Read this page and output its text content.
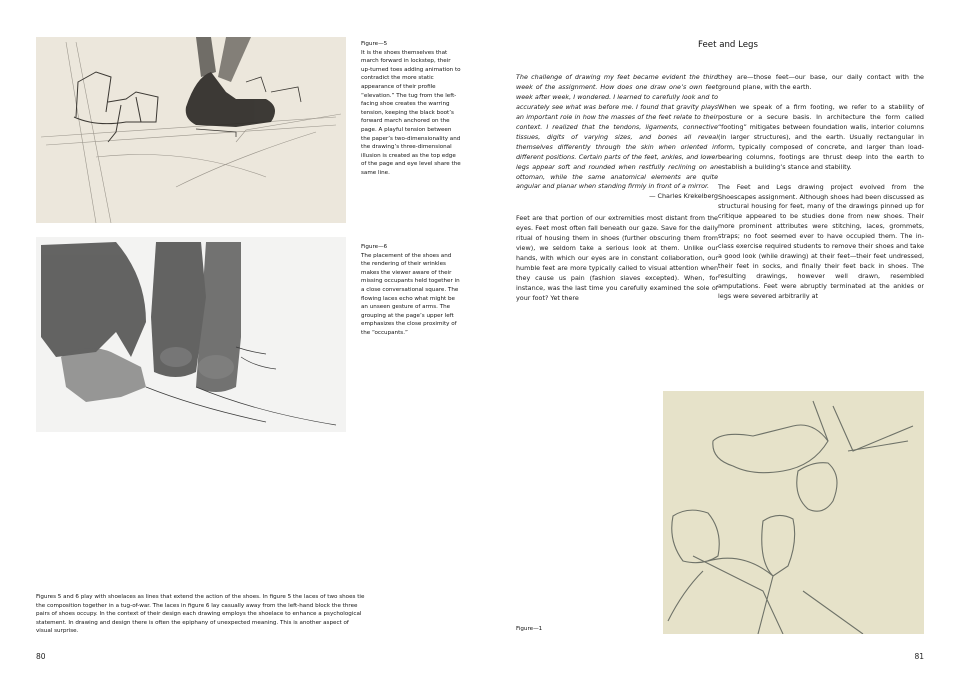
Figure—5
It is the shoes themselves that march forward in lockstep, their up-turned toes adding animation to contradict the more static appearance of their profile “elevation.” The tug from the left-facing shoe creates the warring tension, keeping the black boot’s forward march anchored on the page. A playful tension between the paper’s two-dimensionality and the drawing’s three-dimensional illusion is created as the top edge of the page and eye level share the same line.
Figure—6
The placement of the shoes and the rendering of their wrinkles makes the viewer aware of their missing occupants held together in a close conversational square. The flowing laces echo what might be an unseen gesture of arms. The grouping at the page’s upper left emphasizes the close proximity of the “occupants.”
Figures 5 and 6 play with shoelaces as lines that extend the action of the shoes. In figure 5 the laces of two shoes tie the composition together in a tug-of-war. The laces in figure 6 lay casually away from the left-hand block the three pairs of shoes occupy. In the context of their design each drawing employs the shoelace to enhance a psychological statement. In drawing and design there is often the epiphany of unexpected meaning. This is another aspect of visual surprise.
80
Feet and Legs

The challenge of drawing my feet became evident the third week of the assignment. How does one draw one’s own feet week after week, I wondered. I learned to carefully look and to accurately see what was before me. I found that gravity plays an important role in how the masses of the feet relate to their context. I realized that the tendons, ligaments, connective tissues, digits of varying sizes, and bones all reveal themselves differently through the skin when oriented in different positions. Certain parts of the feet, ankles, and lower legs appear soft and rounded when restfully reclining on an ottoman, while the same anatomical elements are quite angular and planar when standing firmly in front of a mirror.

— Charles Krekelberg

Feet are that portion of our extremities most distant from the eyes. Feet most often fall beneath our gaze. Save for the daily ritual of housing them in shoes (further obscuring them from view), we seldom take a serious look at them. Unlike our hands, with which our eyes are in constant collaboration, our humble feet are more typically called to visual attention when they cause us pain (fashion slaves excepted). When, for instance, was the last time you carefully examined the sole of your foot? Yet there

they are—those feet—our base, our daily contact with the ground plane, with the earth.

When we speak of a firm footing, we refer to a stability of posture or a secure basis. In architecture the form called “footing” mitigates between foundation walls, interior columns (in larger structures), and the earth. Usually rectangular in form, typically composed of concrete, and larger than load-bearing columns, footings are thrust deep into the earth to establish a building’s stance and stability.

The Feet and Legs drawing project evolved from the Shoescapes assignment. Although shoes had been discussed as structural housing for feet, many of the drawings pinned up for critique appeared to be studies done from new shoes. Their more prominent attributes were stitching, laces, grommets, straps; no foot seemed ever to have occupied them. The in-class exercise required students to remove their shoes and take a good look (while drawing) at their feet—their feet undressed, their feet in socks, and finally their feet back in shoes. The resulting drawings, however well drawn, resembled amputations. Feet were abruptly terminated at the ankles or legs were severed arbitrarily at

Figure—1
81
